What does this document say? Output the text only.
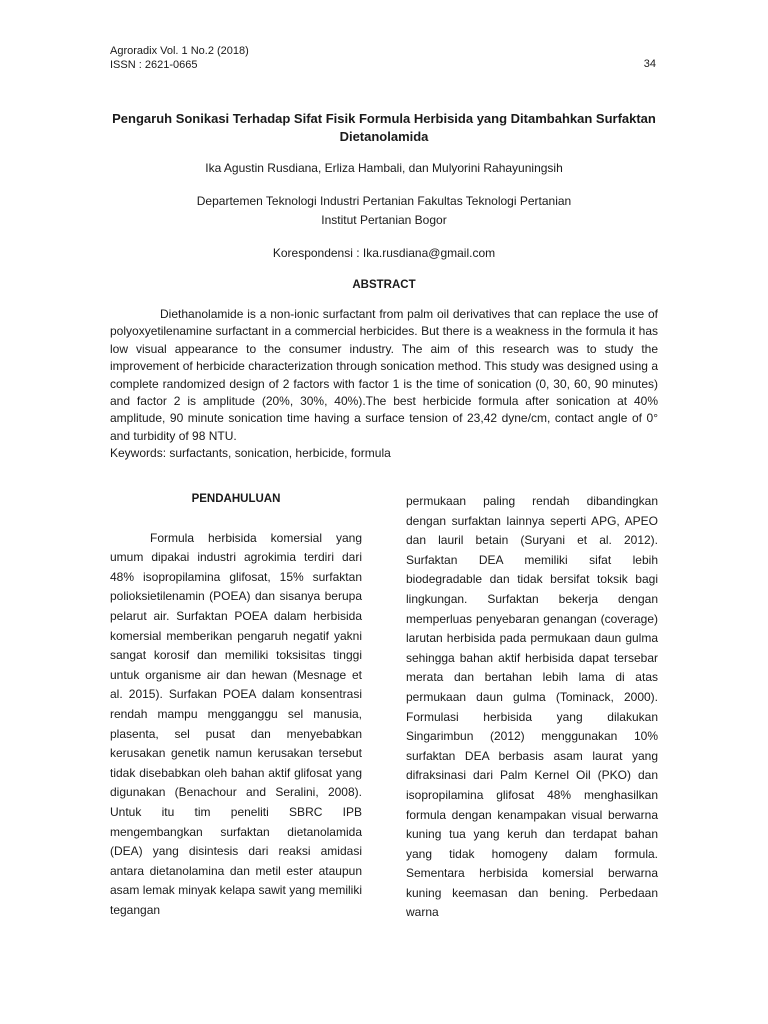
Agroradix Vol. 1 No.2 (2018)
ISSN : 2621-0665	34
Pengaruh Sonikasi Terhadap Sifat Fisik Formula Herbisida yang Ditambahkan Surfaktan Dietanolamida
Ika Agustin Rusdiana, Erliza Hambali, dan Mulyorini Rahayuningsih
Departemen Teknologi Industri Pertanian Fakultas Teknologi Pertanian
Institut Pertanian Bogor
Korespondensi : Ika.rusdiana@gmail.com
ABSTRACT

Diethanolamide is a non-ionic surfactant from palm oil derivatives that can replace the use of polyoxyetilenamine surfactant in a commercial herbicides. But there is a weakness in the formula it has low visual appearance to the consumer industry. The aim of this research was to study the improvement of herbicide characterization through sonication method. This study was designed using a complete randomized design of 2 factors with factor 1 is the time of sonication (0, 30, 60, 90 minutes) and factor 2 is amplitude (20%, 30%, 40%).The best herbicide formula after sonication at 40% amplitude, 90 minute sonication time having a surface tension of 23,42 dyne/cm, contact angle of 0° and turbidity of 98 NTU.

Keywords: surfactants, sonication, herbicide, formula
PENDAHULUAN

Formula herbisida komersial yang umum dipakai industri agrokimia terdiri dari 48% isopropilamina glifosat, 15% surfaktan polioksietilenamin (POEA) dan sisanya berupa pelarut air. Surfaktan POEA dalam herbisida komersial memberikan pengaruh negatif yakni sangat korosif dan memiliki toksisitas tinggi untuk organisme air dan hewan (Mesnage et al. 2015). Surfakan POEA dalam konsentrasi rendah mampu mengganggu sel manusia, plasenta, sel pusat dan menyebabkan kerusakan genetik namun kerusakan tersebut tidak disebabkan oleh bahan aktif glifosat yang digunakan (Benachour and Seralini, 2008). Untuk itu tim peneliti SBRC IPB mengembangkan surfaktan dietanolamida (DEA) yang disintesis dari reaksi amidasi antara dietanolamina dan metil ester ataupun asam lemak minyak kelapa sawit yang memiliki tegangan

permukaan paling rendah dibandingkan dengan surfaktan lainnya seperti APG, APEO dan lauril betain (Suryani et al. 2012). Surfaktan DEA memiliki sifat lebih biodegradable dan tidak bersifat toksik bagi lingkungan. Surfaktan bekerja dengan memperluas penyebaran genangan (coverage) larutan herbisida pada permukaan daun gulma sehingga bahan aktif herbisida dapat tersebar merata dan bertahan lebih lama di atas permukaan daun gulma (Tominack, 2000). Formulasi herbisida yang dilakukan Singarimbun (2012) menggunakan 10% surfaktan DEA berbasis asam laurat yang difraksinasi dari Palm Kernel Oil (PKO) dan isopropilamina glifosat 48% menghasilkan formula dengan kenampakan visual berwarna kuning tua yang keruh dan terdapat bahan yang tidak homogeny dalam formula. Sementara herbisida komersial berwarna kuning keemasan dan bening. Perbedaan warna
